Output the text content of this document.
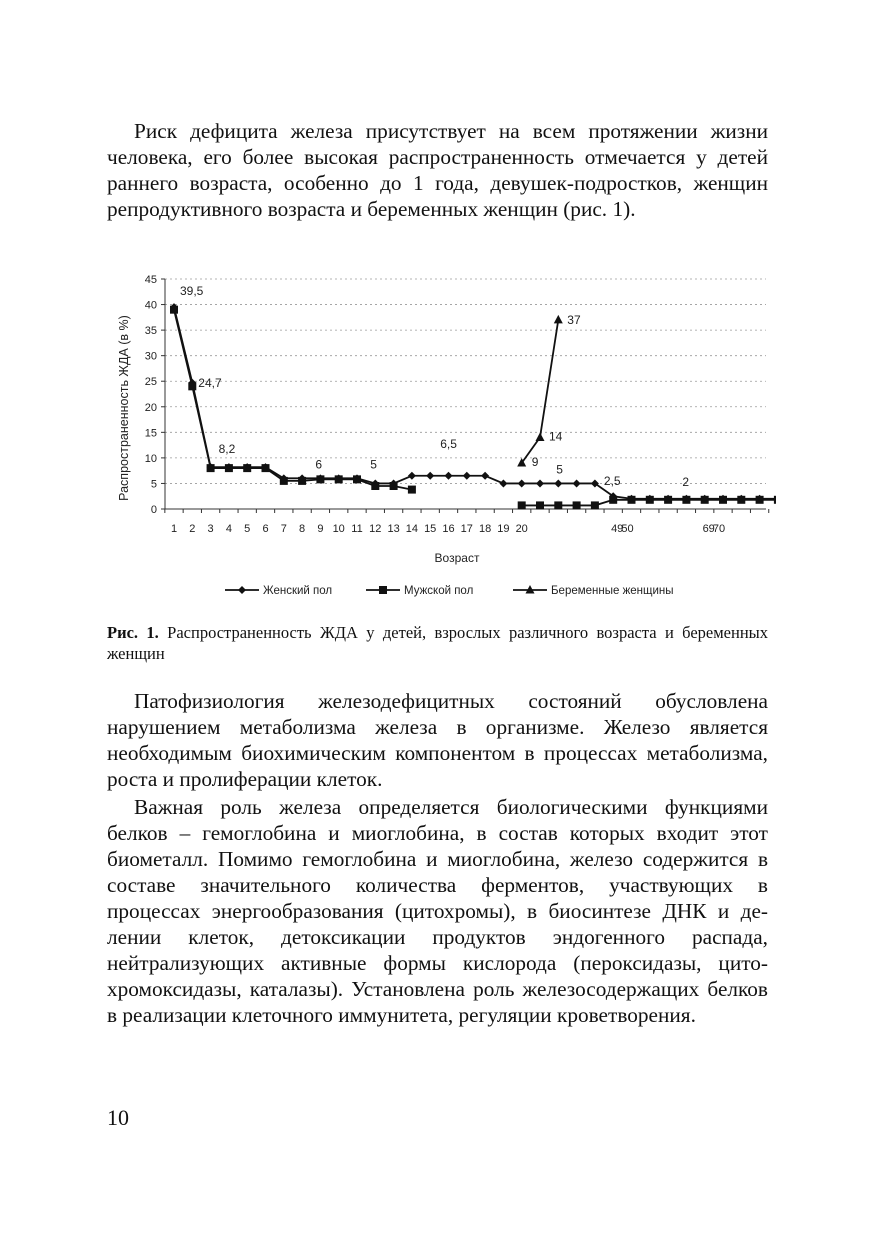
Риск дефицита железа присутствует на всем протяжении жизни человека, его более высокая распространенность отмечается у детей раннего возраста, особенно до 1 года, девушек-подростков, женщин репродуктивного возраста и беременных женщин (рис. 1).

0
5
10
15
20
25
30
35
40
45
1 2 3 4 5 6 7 8 9 10 11 12 13 14 15 16 17 18 19 20	49
50	69
70
39,5
24,7
8,2
6	5
6,5
9
14
37
5
2,5	2
Распространенность ЖДА (в %)
Возраст
Женский пол	Мужской пол	Беременные женщины

Рис. 1. Распространенность ЖДА у детей, взрослых различного возраста и беременных женщин

Патофизиология железодефицитных состояний обусловлена нарушением метаболизма железа в организме. Железо является необходимым биохимическим компонентом в процессах метаболизма, роста и пролиферации клеток.

Важная роль железа определяется биологическими функциями белков – гемоглобина и миоглобина, в состав которых входит этот биометалл. Помимо гемоглобина и миоглобина, железо содержится в составе значительного количества ферментов, участвующих в процессах энергообразования (цитохромы), в биосинтезе ДНК и делении клеток, детоксикации продуктов эндогенного распада, нейтрализующих активные формы кислорода (пероксидазы, цитохромоксидазы, каталазы). Установлена роль железосодержащих белков в реализации клеточного иммунитета, регуляции кроветворения.

10
